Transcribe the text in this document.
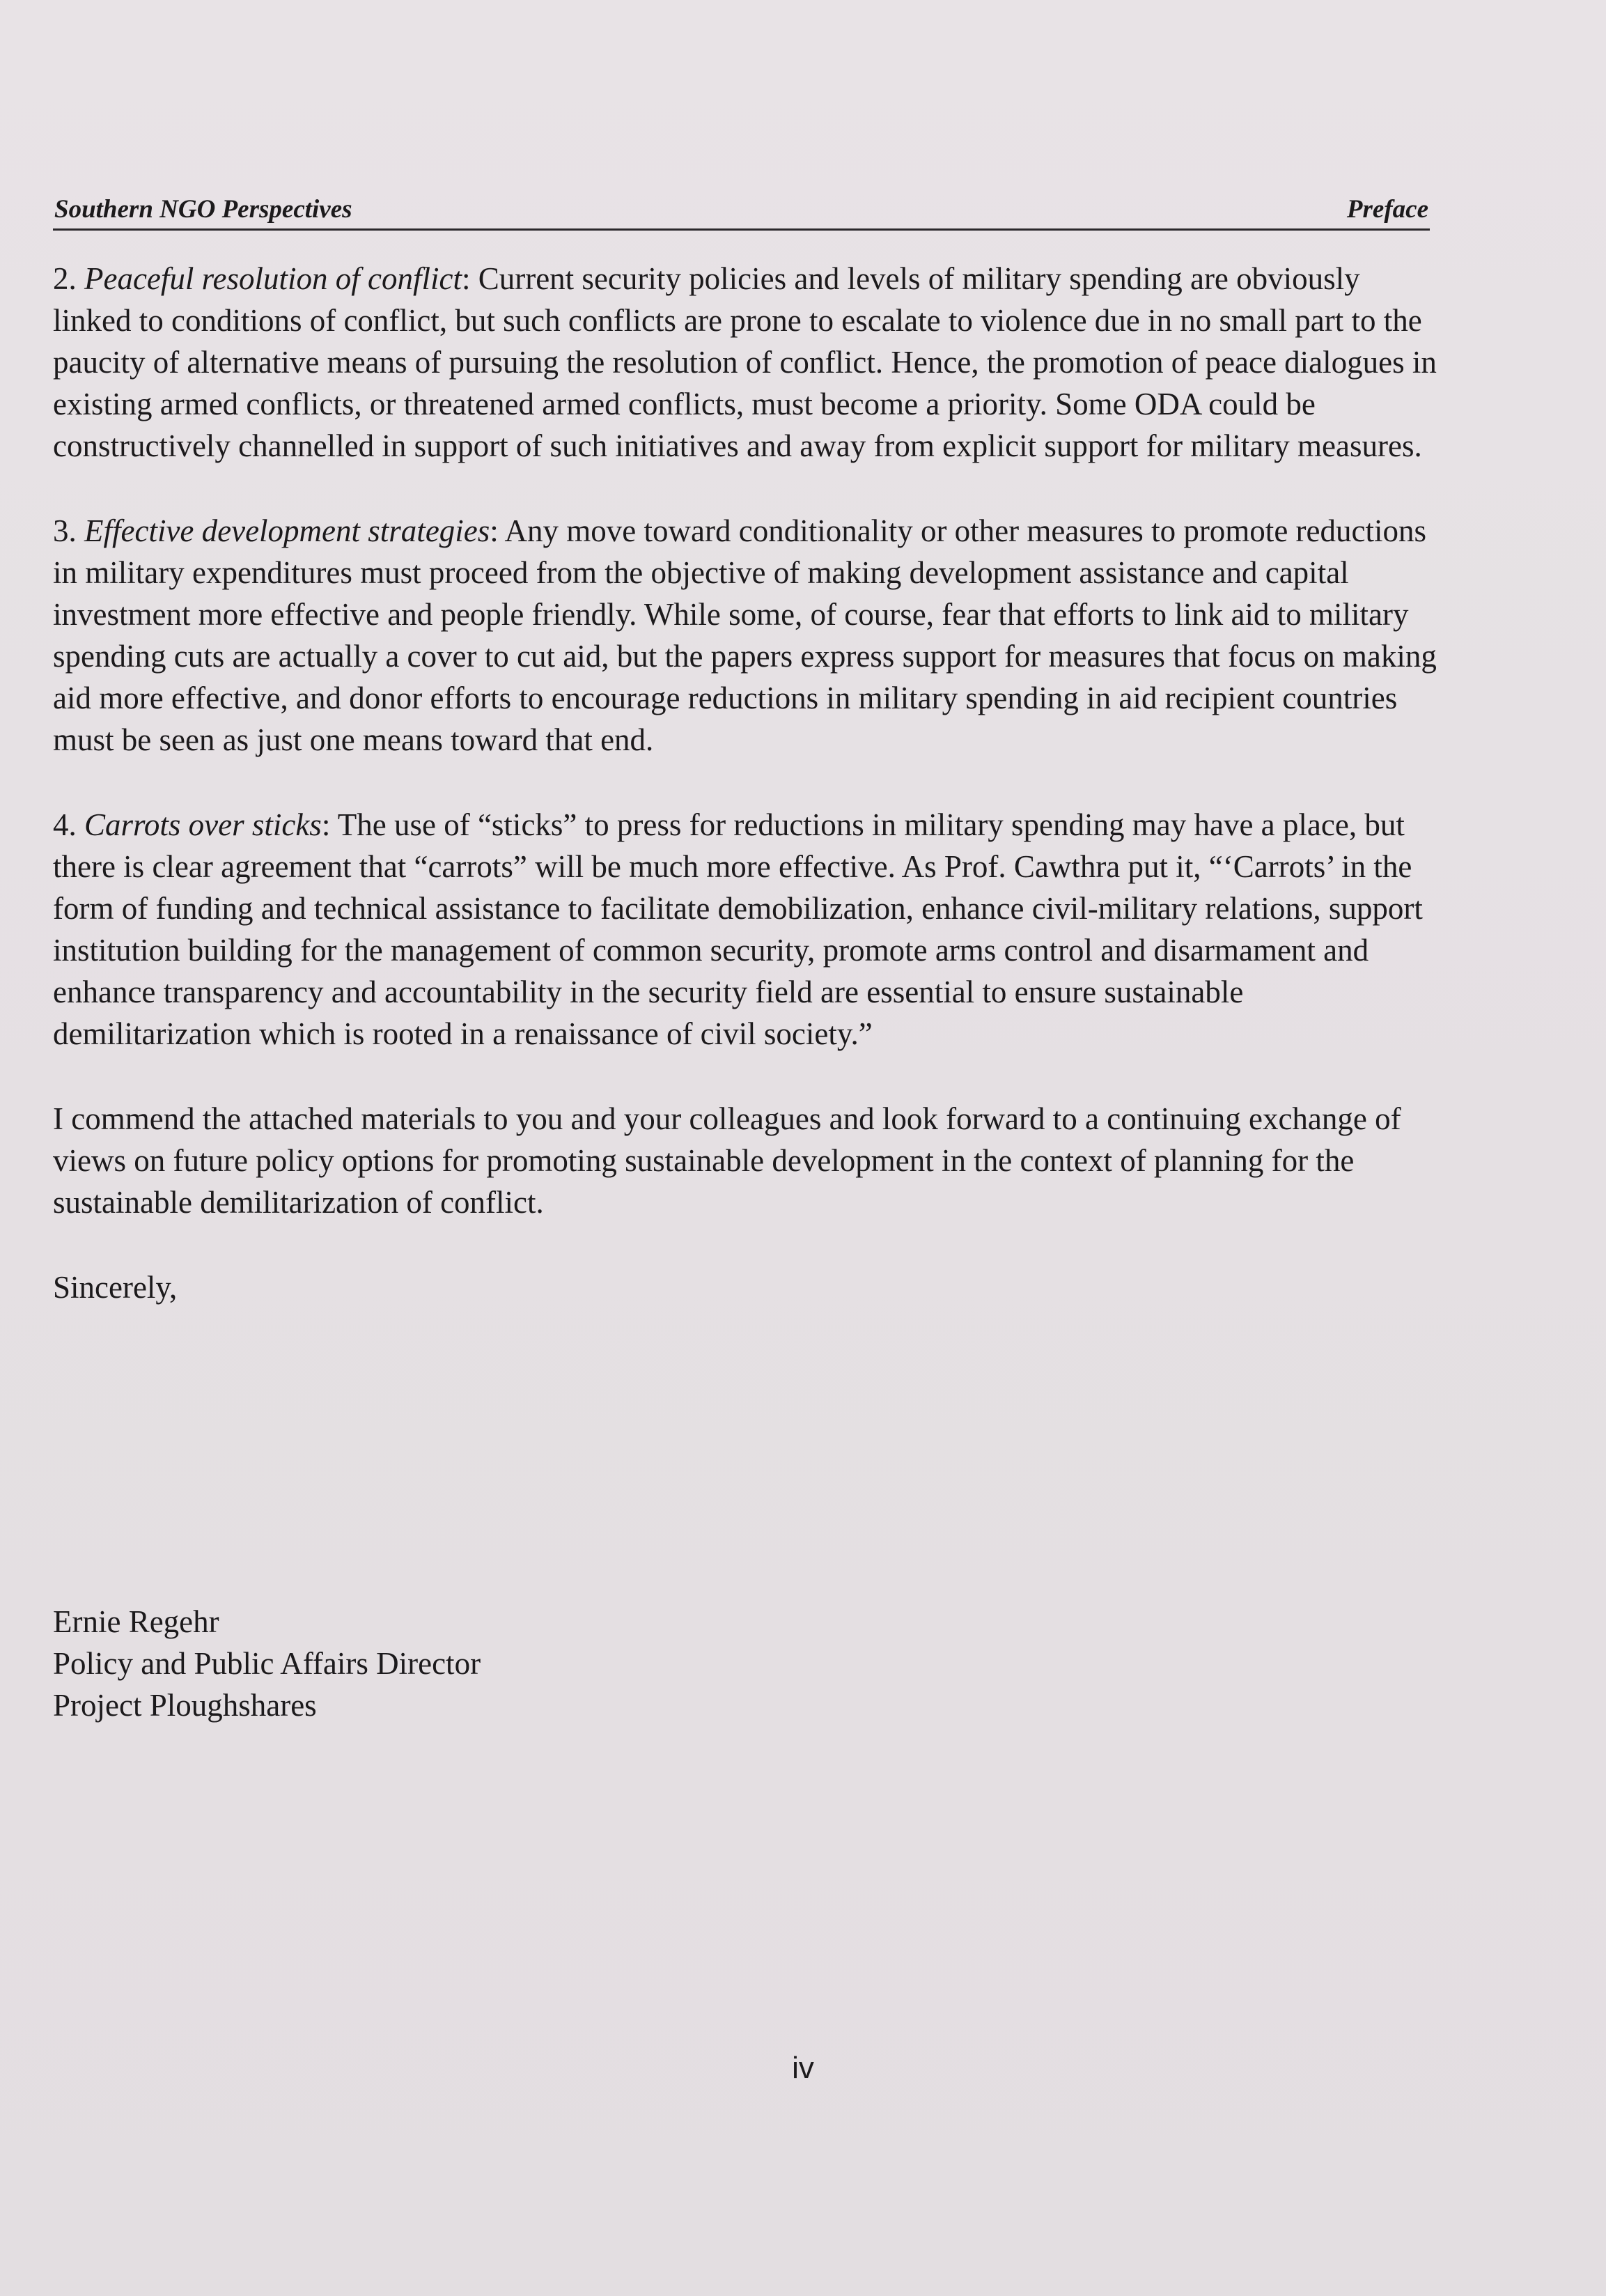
Southern NGO Perspectives	Preface

2. Peaceful resolution of conflict: Current security policies and levels of military spending are obviously linked to conditions of conflict, but such conflicts are prone to escalate to violence due in no small part to the paucity of alternative means of pursuing the resolution of conflict. Hence, the promotion of peace dialogues in existing armed conflicts, or threatened armed conflicts, must become a priority. Some ODA could be constructively channelled in support of such initiatives and away from explicit support for military measures.

3. Effective development strategies: Any move toward conditionality or other measures to promote reductions in military expenditures must proceed from the objective of making development assistance and capital investment more effective and people friendly. While some, of course, fear that efforts to link aid to military spending cuts are actually a cover to cut aid, but the papers express support for measures that focus on making aid more effective, and donor efforts to encourage reductions in military spending in aid recipient countries must be seen as just one means toward that end.

4. Carrots over sticks: The use of “sticks” to press for reductions in military spending may have a place, but there is clear agreement that “carrots” will be much more effective. As Prof. Cawthra put it, “‘Carrots’ in the form of funding and technical assistance to facilitate demobilization, enhance civil-military relations, support institution building for the management of common security, promote arms control and disarmament and enhance transparency and accountability in the security field are essential to ensure sustainable demilitarization which is rooted in a renaissance of civil society.”

I commend the attached materials to you and your colleagues and look forward to a continuing exchange of views on future policy options for promoting sustainable development in the context of planning for the sustainable demilitarization of conflict.

Sincerely,

Ernie Regehr
Policy and Public Affairs Director
Project Ploughshares
iv
